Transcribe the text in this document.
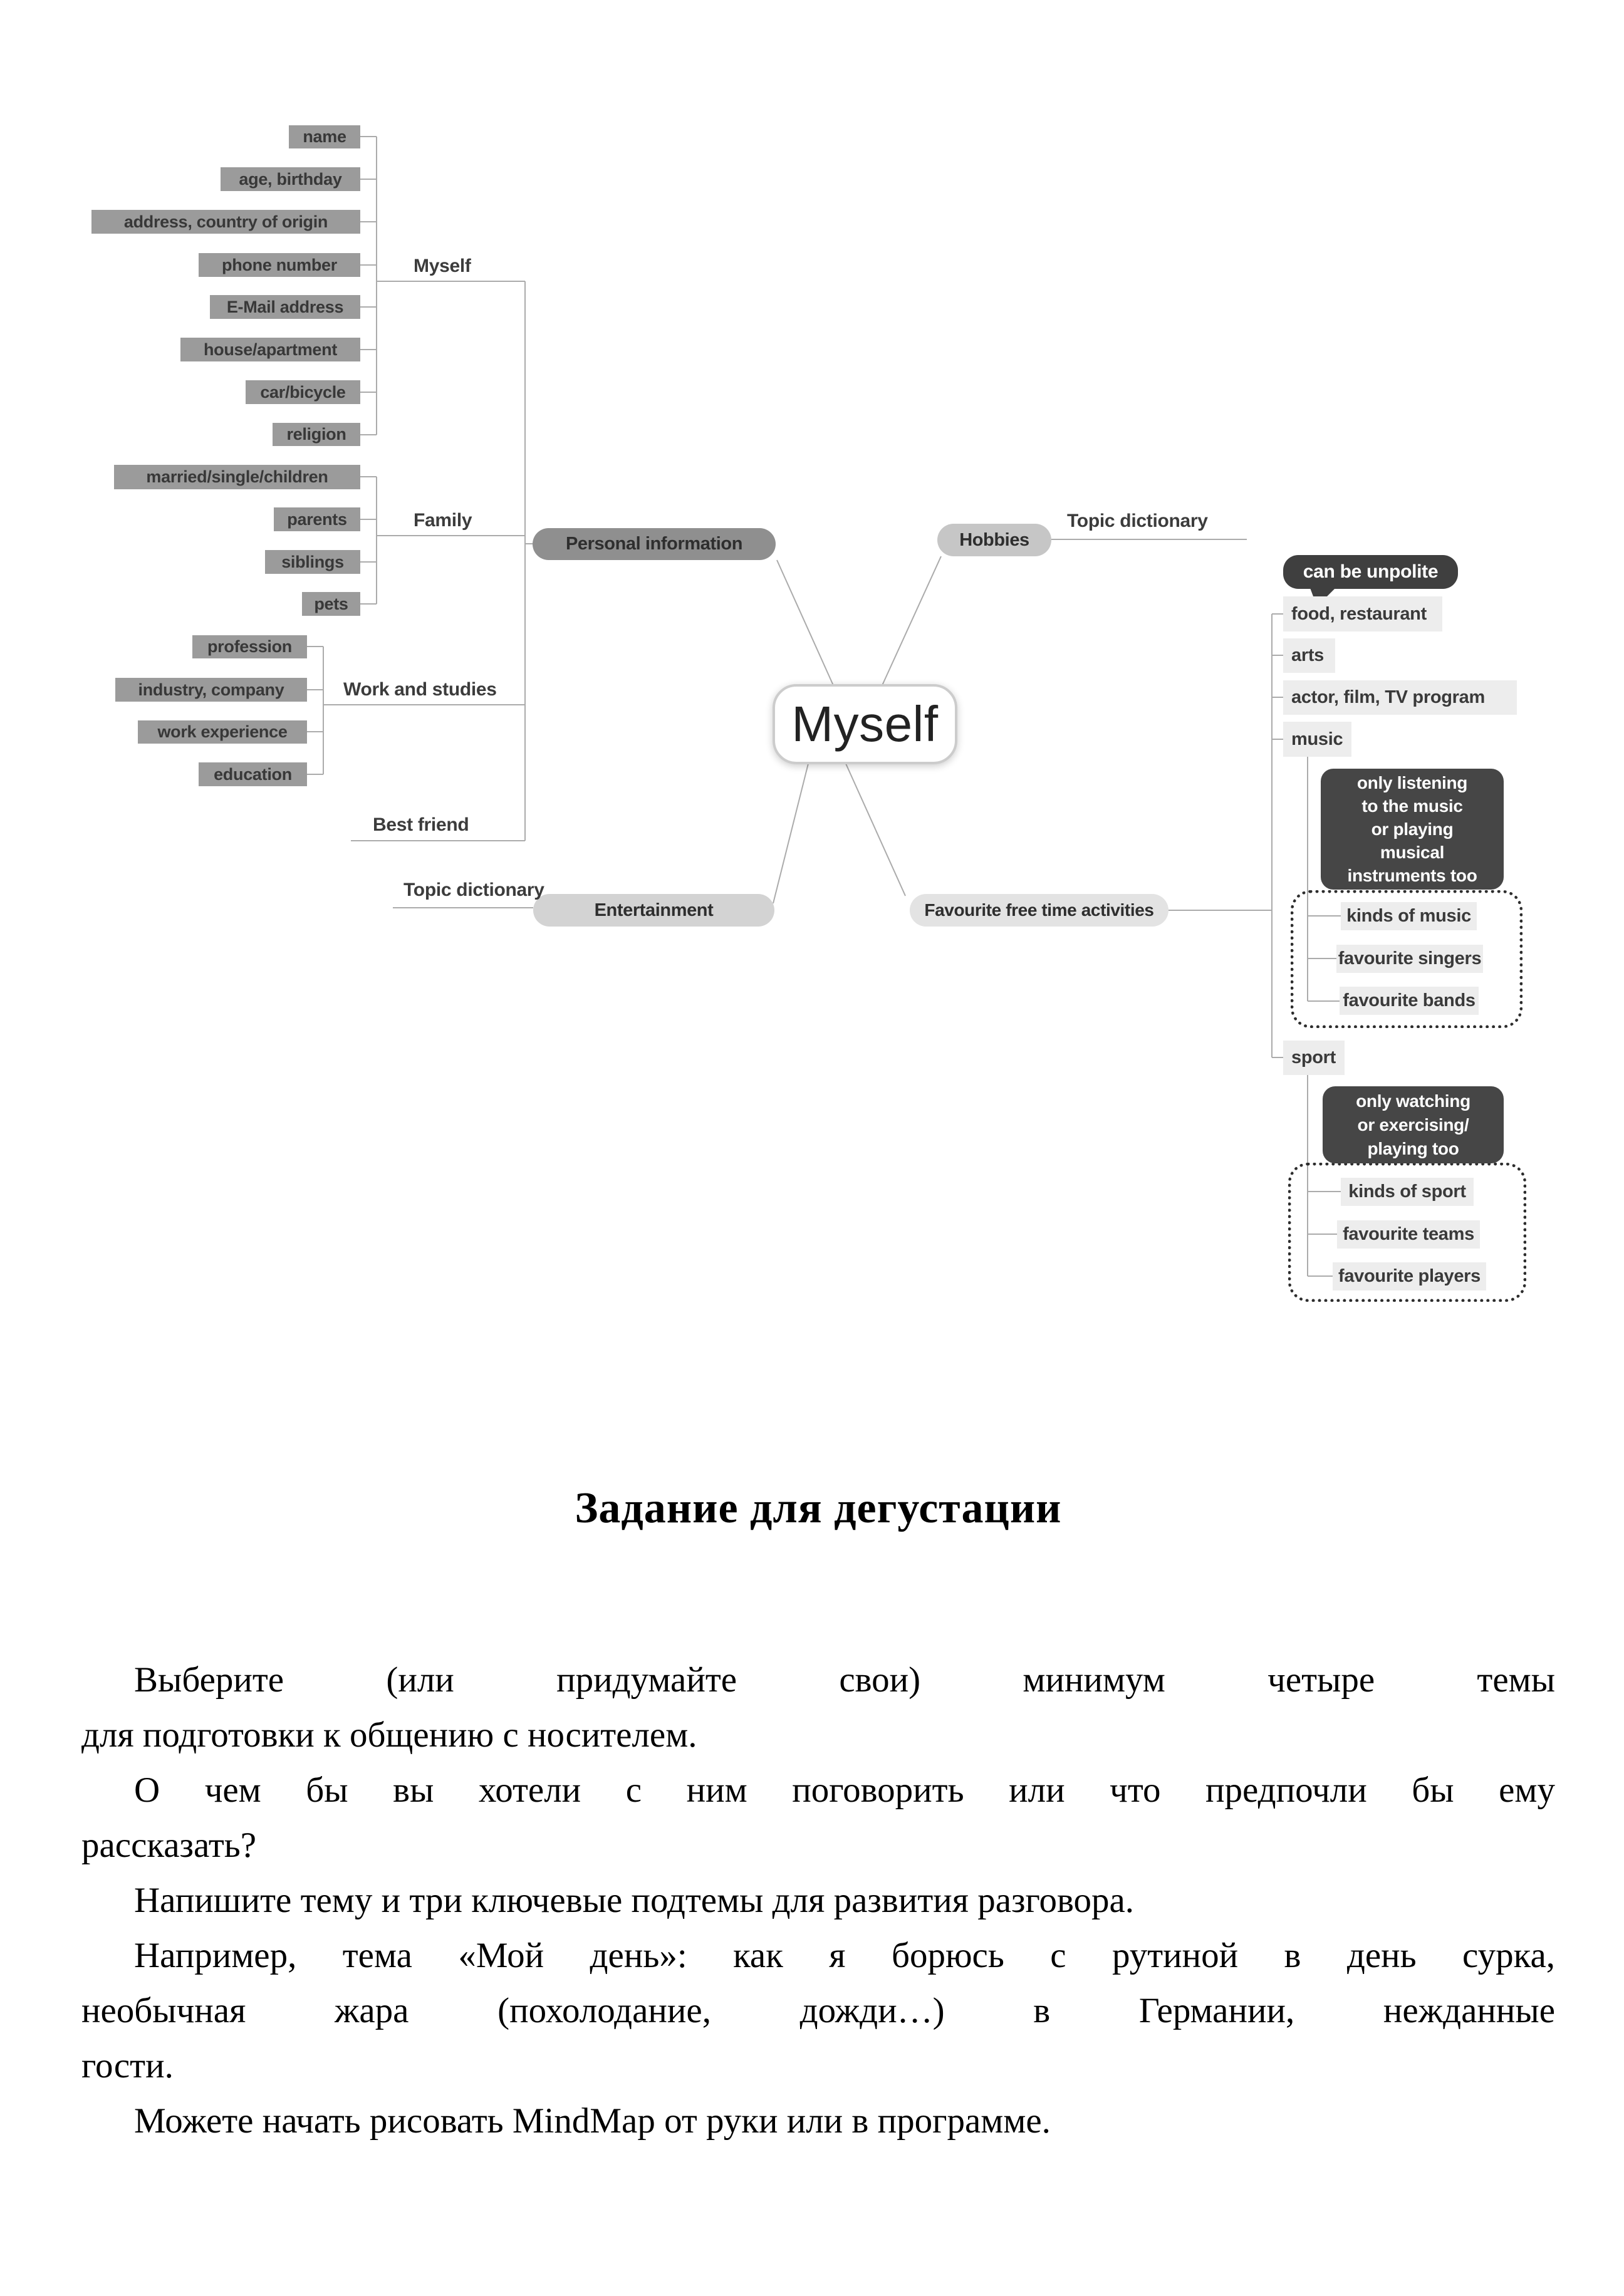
name
age, birthday
address, country of origin
phone number
E-Mail address
house/apartment
car/bicycle
religion
Myself
married/single/children
parents
siblings
pets
Family
profession
industry, company
work experience
education
Work and studies
Best friend
Personal information	Hobbies
Topic dictionary
Entertainment
Topic dictionary
Favourite free time activities
Myself
can be unpolite
food, restaurant
arts
actor, film, TV program
music
sport
only listening
to the music
or playing
musical
instruments too
kinds of music
favourite singers
favourite bands
only watching
or exercising/
playing too
kinds of sport
favourite teams
favourite players
Задание для дегустации
Выберите (или придумайте свои) минимум четыре темы
для подготовки к общению с носителем.
О чем бы вы хотели с ним поговорить или что предпочли бы ему
рассказать?
Напишите тему и три ключевые подтемы для развития разговора.
Например, тема «Мой день»: как я борюсь с рутиной в день сурка,
необычная жара (похолодание, дожди…) в Германии, нежданные
гости.
Можете начать рисовать MindMap от руки или в программе.
